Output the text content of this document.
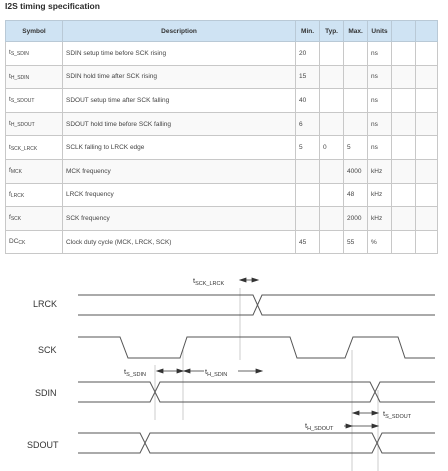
I2S timing specification
Symbol	Description	Min.	Typ.	Max.	Units		
$t_{S\_SDIN}$	SDIN setup time before SCK rising	20			ns		
$t_{H\_SDIN}$	SDIN hold time after SCK rising	15			ns		
$t_{S\_SDOUT}$	SDOUT setup time after SCK falling	40			ns		
$t_{H\_SDOUT}$	SDOUT hold time before SCK falling	6			ns		
$t_{SCK\_LRCK}$	SCLK falling to LRCK edge	5	0	5	ns		
$f_{MCK}$	MCK frequency			4000	kHz		
$f_{LRCK}$	LRCK frequency			48	kHz		
$f_{SCK}$	SCK frequency			2000	kHz		
$DC_{CK}$	Clock duty cycle (MCK, LRCK, SCK)	45		55	%		
LRCK
SCK
SDIN
SDOUT
$t_{SCK\_LRCK}$
$t_{S\_SDIN}$	$t_{H\_SDIN}$
$t_{S\_SDOUT}$
$t_{H\_SDOUT}$
